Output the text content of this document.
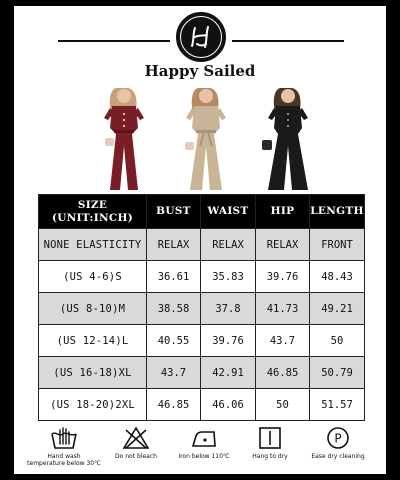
Happy Sailed
SIZE
(UNIT:INCH)	BUST	WAIST	HIP	LENGTH
NONE ELASTICITY	RELAX	RELAX	RELAX	FRONT
(US 4-6)S	36.61	35.83	39.76	48.43
(US 8-10)M	38.58	37.8	41.73	49.21
(US 12-14)L	40.55	39.76	43.7	50
(US 16-18)XL	43.7	42.91	46.85	50.79
(US 18-20)2XL	46.85	46.06	50	51.57
Hand wash
temperature below 30℃
Do not bleach	Iron below 110℃	Hang to dry
P
Ease dry cleaning
